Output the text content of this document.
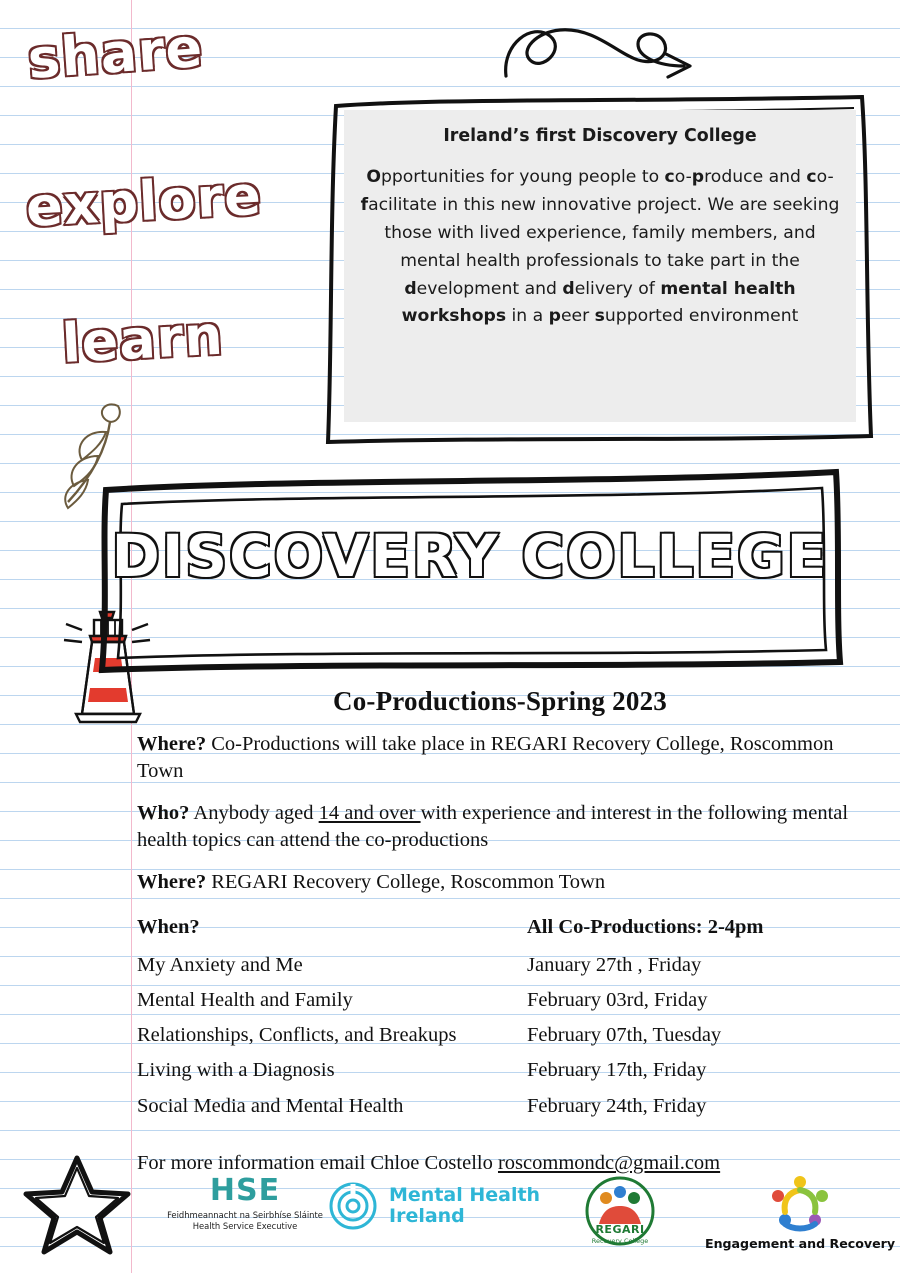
share
explore
learn
Ireland’s first Discovery College
Opportunities for young people to co-produce and co-facilitate in this new innovative project. We are seeking those with lived experience, family members, and mental health professionals to take part in the development and delivery of mental health workshops in a peer supported environment
DISCOVERY COLLEGE
Co-Productions-Spring 2023

Where? Co-Productions will take place in REGARI Recovery College, Roscommon Town

Who? Anybody aged 14 and over with experience and interest in the following mental health topics can attend the co-productions

Where? REGARI Recovery College, Roscommon Town

When?	All Co-Productions: 2-4pm
My Anxiety and Me	January 27th , Friday
Mental Health and Family	February 03rd, Friday
Relationships, Conflicts, and Breakups	February 07th, Tuesday
Living with a Diagnosis	February 17th, Friday
Social Media and Mental Health	February 24th, Friday

For more information email Chloe Costello roscommondc@gmail.com

HSE
Feidhmeannacht na Seirbhíse Sláinte
Health Service Executive
Mental Health
Ireland
REGARI
Recovery College	Engagement and Recovery
